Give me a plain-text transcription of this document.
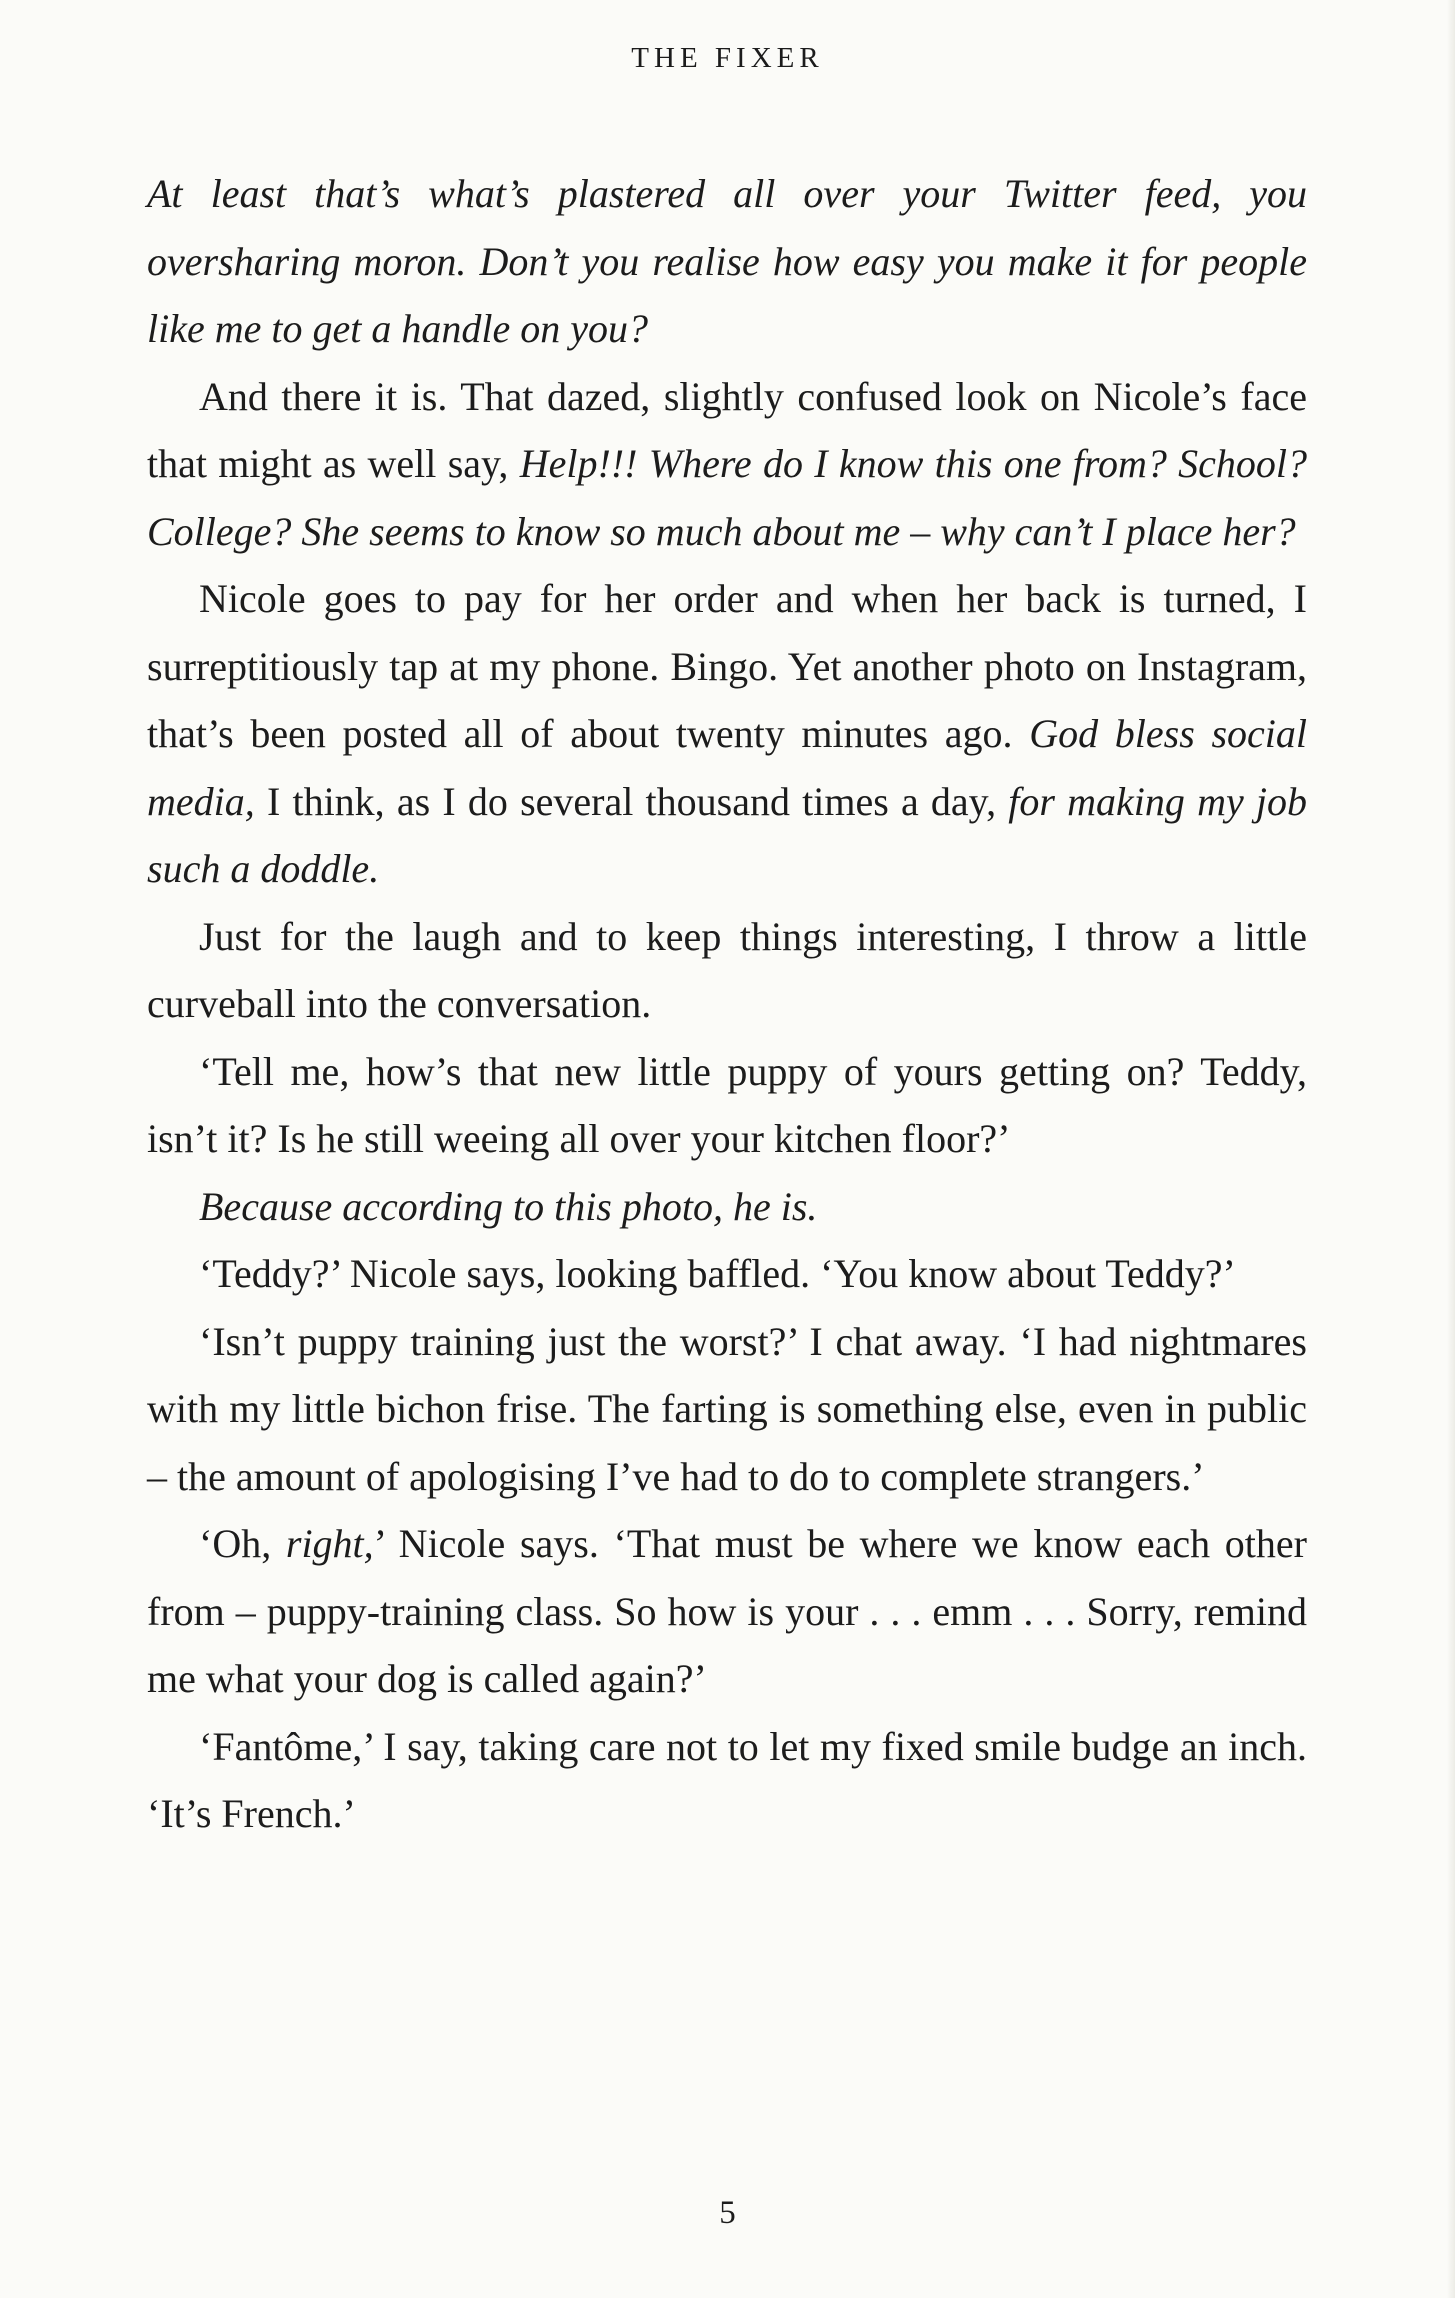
THE FIXER

At least that’s what’s plastered all over your Twitter feed, you oversharing moron. Don’t you realise how easy you make it for people like me to get a handle on you?

And there it is. That dazed, slightly confused look on Nicole’s face that might as well say, Help!!! Where do I know this one from? School? College? She seems to know so much about me – why can’t I place her?

Nicole goes to pay for her order and when her back is turned, I surreptitiously tap at my phone. Bingo. Yet another photo on Instagram, that’s been posted all of about twenty minutes ago. God bless social media, I think, as I do several thousand times a day, for making my job such a doddle.

Just for the laugh and to keep things interesting, I throw a little curveball into the conversation.

‘Tell me, how’s that new little puppy of yours getting on? Teddy, isn’t it? Is he still weeing all over your kitchen floor?’

Because according to this photo, he is.

‘Teddy?’ Nicole says, looking baffled. ‘You know about Teddy?’

‘Isn’t puppy training just the worst?’ I chat away. ‘I had nightmares with my little bichon frise. The farting is something else, even in public – the amount of apologising I’ve had to do to complete strangers.’

‘Oh, right,’ Nicole says. ‘That must be where we know each other from – puppy-training class. So how is your . . . emm . . . Sorry, remind me what your dog is called again?’

‘Fantôme,’ I say, taking care not to let my fixed smile budge an inch. ‘It’s French.’

5
